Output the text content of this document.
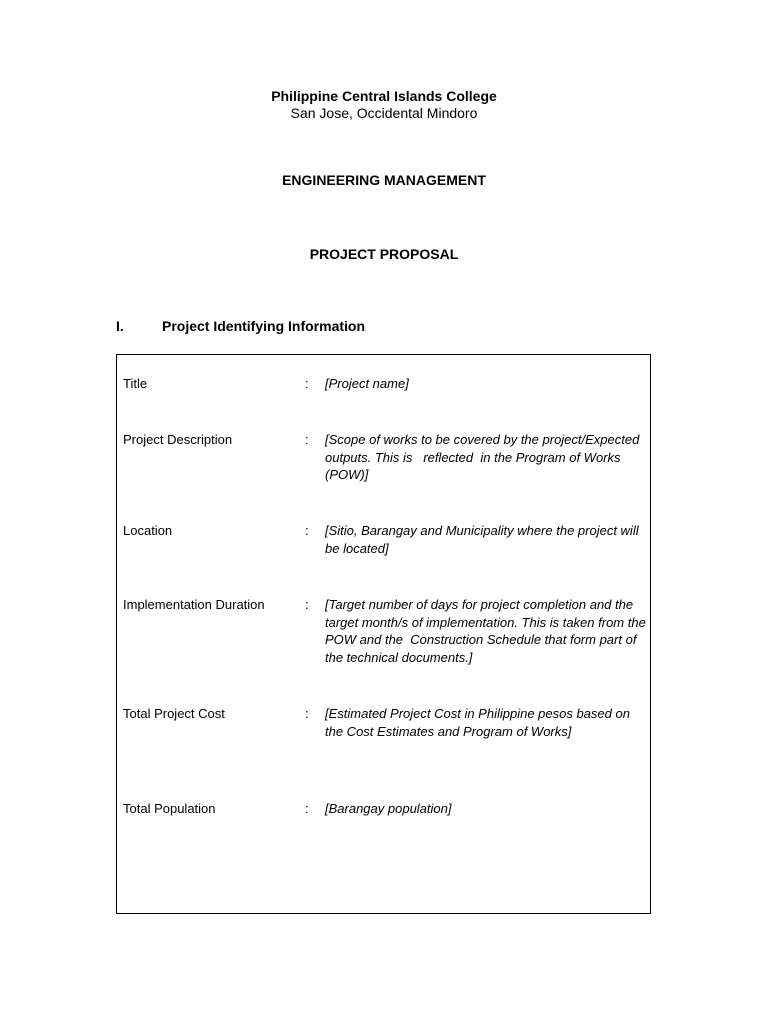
Philippine Central Islands College
San Jose, Occidental Mindoro
ENGINEERING MANAGEMENT
PROJECT PROPOSAL
I.	Project Identifying Information
Title	:	[Project name]
Project Description	:	[Scope of works to be covered by the project/Expected outputs. This is   reflected  in the Program of Works (POW)]
Location	:	[Sitio, Barangay and Municipality where the project will be located]
Implementation Duration	:	[Target number of days for project completion and the target month/s of implementation. This is taken from the POW and the  Construction Schedule that form part of the technical documents.]
Total Project Cost	:	[Estimated Project Cost in Philippine pesos based on the Cost Estimates and Program of Works]
Total Population	:	[Barangay population]
